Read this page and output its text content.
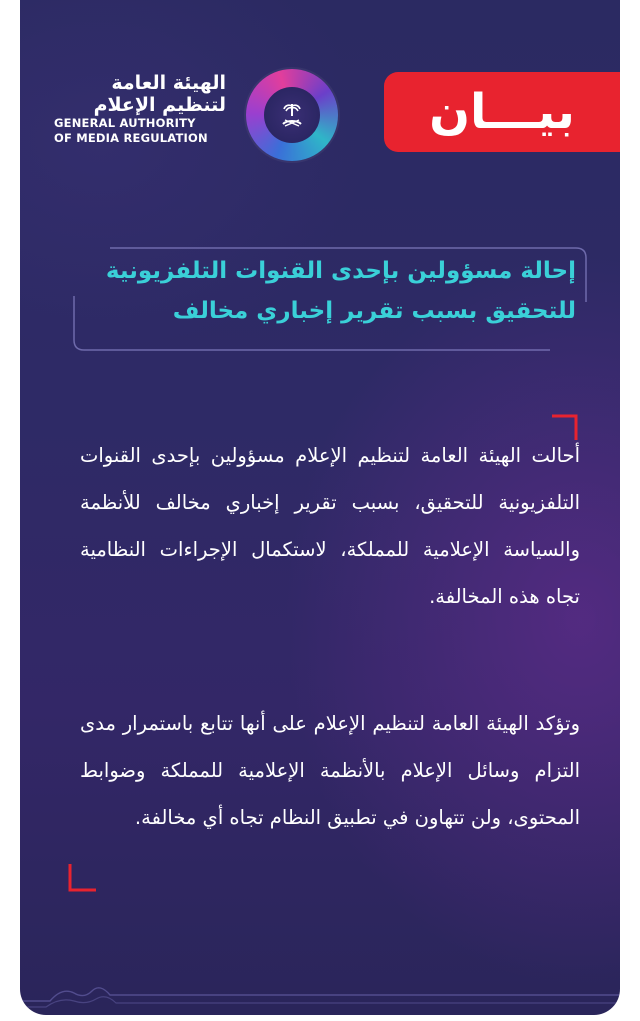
الهيئة العامة
لتنظيم الإعلام
GENERAL AUTHORITY
OF MEDIA REGULATION	بيـــان
إحالة مسؤولين بإحدى القنوات التلفزيونية
للتحقيق بسبب تقرير إخباري مخالف
أحالت الهيئة العامة لتنظيم الإعلام مسؤولين بإحدى القنوات التلفزيونية للتحقيق، بسبب تقرير إخباري مخالف للأنظمة والسياسة الإعلامية للمملكة، لاستكمال الإجراءات النظامية تجاه هذه المخالفة.
وتؤكد الهيئة العامة لتنظيم الإعلام على أنها تتابع باستمرار مدى التزام وسائل الإعلام بالأنظمة الإعلامية للمملكة وضوابط المحتوى، ولن تتهاون في تطبيق النظام تجاه أي مخالفة.
